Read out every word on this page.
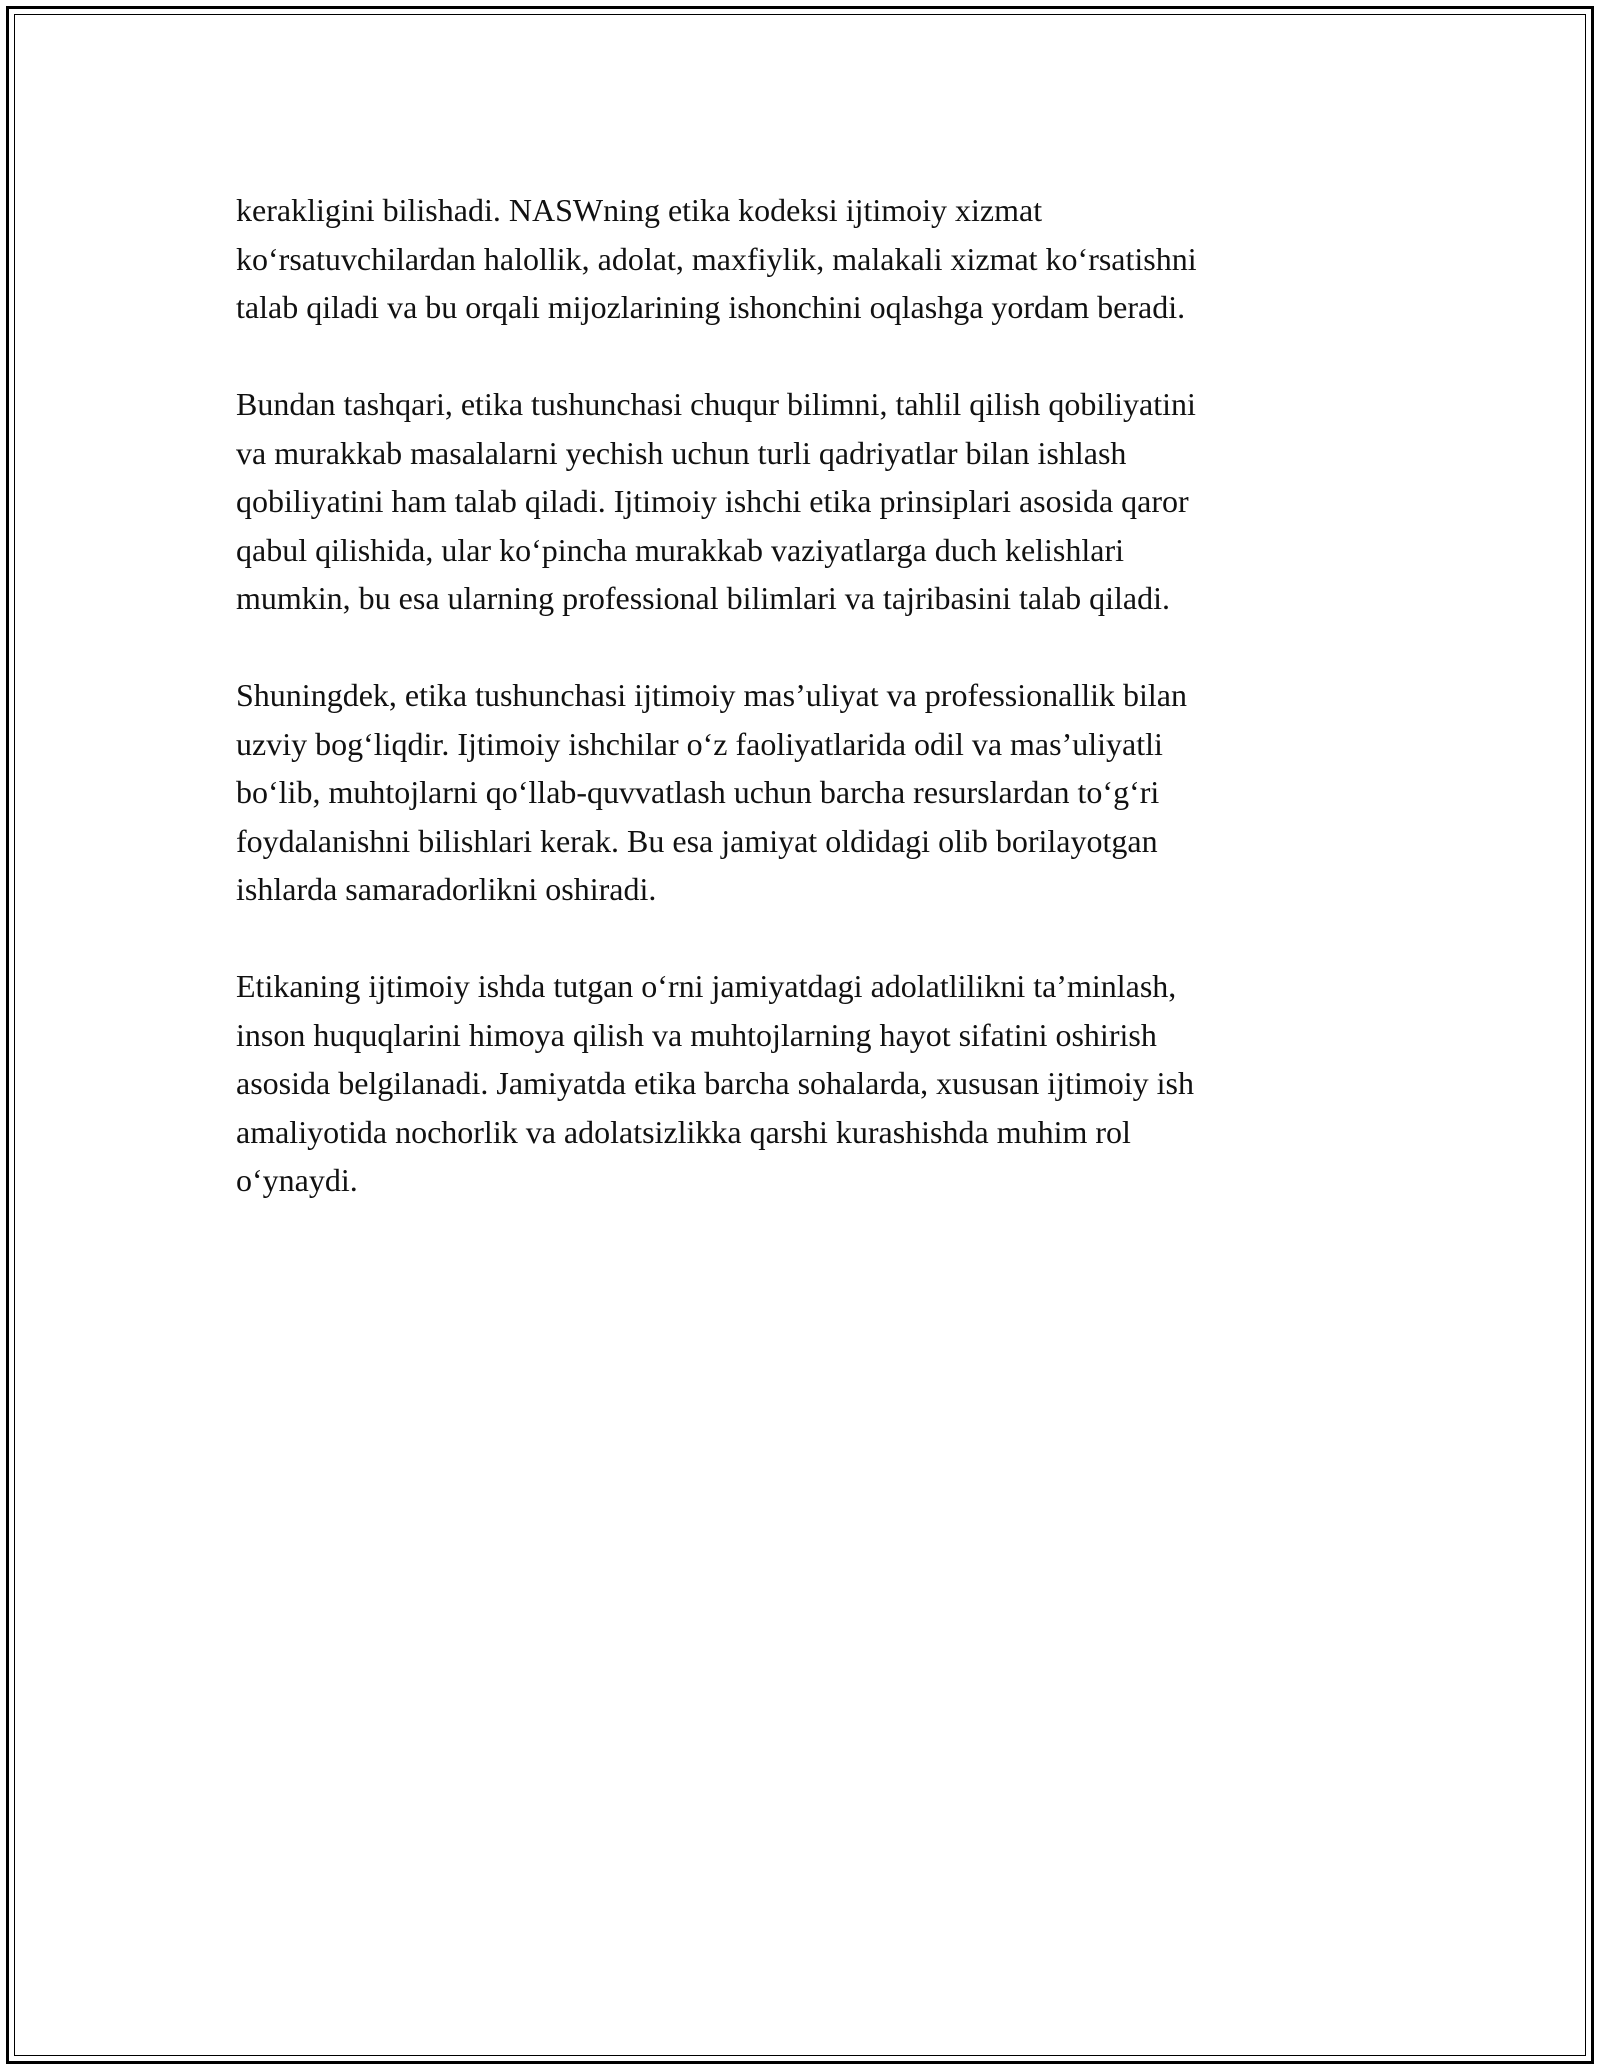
kerakligini bilishadi. NASWning etika kodeksi ijtimoiy xizmat
ko‘rsatuvchilardan halollik, adolat, maxfiylik, malakali xizmat ko‘rsatishni
talab qiladi va bu orqali mijozlarining ishonchini oqlashga yordam beradi.

Bundan tashqari, etika tushunchasi chuqur bilimni, tahlil qilish qobiliyatini
va murakkab masalalarni yechish uchun turli qadriyatlar bilan ishlash
qobiliyatini ham talab qiladi. Ijtimoiy ishchi etika prinsiplari asosida qaror
qabul qilishida, ular ko‘pincha murakkab vaziyatlarga duch kelishlari
mumkin, bu esa ularning professional bilimlari va tajribasini talab qiladi.

Shuningdek, etika tushunchasi ijtimoiy mas’uliyat va professionallik bilan
uzviy bog‘liqdir. Ijtimoiy ishchilar o‘z faoliyatlarida odil va mas’uliyatli
bo‘lib, muhtojlarni qo‘llab-quvvatlash uchun barcha resurslardan to‘g‘ri
foydalanishni bilishlari kerak. Bu esa jamiyat oldidagi olib borilayotgan
ishlarda samaradorlikni oshiradi.

Etikaning ijtimoiy ishda tutgan o‘rni jamiyatdagi adolatlilikni ta’minlash,
inson huquqlarini himoya qilish va muhtojlarning hayot sifatini oshirish
asosida belgilanadi. Jamiyatda etika barcha sohalarda, xususan ijtimoiy ish
amaliyotida nochorlik va adolatsizlikka qarshi kurashishda muhim rol
o‘ynaydi.
